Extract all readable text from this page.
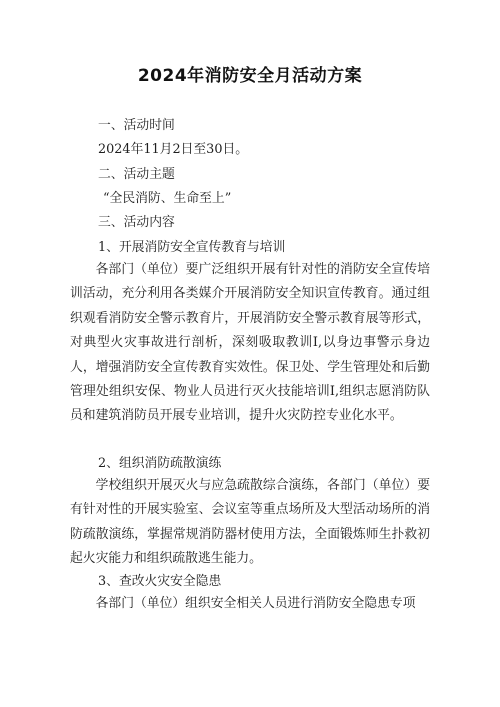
2024年消防安全月活动方案
一、活动时间
2024年11月2日至30日。
二、活动主题
“全民消防、生命至上”
三、活动内容
1、开展消防安全宣传教育与培训

各部门（单位）要广泛组织开展有针对性的消防安全宣传培训活动，充分利用各类媒介开展消防安全知识宣传教育。通过组织观看消防安全警示教育片，开展消防安全警示教育展等形式，对典型火灾事故进行剖析，深刻吸取教训I,以身边事警示身边人，增强消防安全宣传教育实效性。保卫处、学生管理处和后勤管理处组织安保、物业人员进行灭火技能培训I,组织志愿消防队员和建筑消防员开展专业培训，提升火灾防控专业化水平。

2、组织消防疏散演练

学校组织开展灭火与应急疏散综合演练，各部门（单位）要有针对性的开展实验室、会议室等重点场所及大型活动场所的消防疏散演练，掌握常规消防器材使用方法，全面锻炼师生扑救初起火灾能力和组织疏散逃生能力。

3、查改火灾安全隐患

各部门（单位）组织安全相关人员进行消防安全隐患专项
